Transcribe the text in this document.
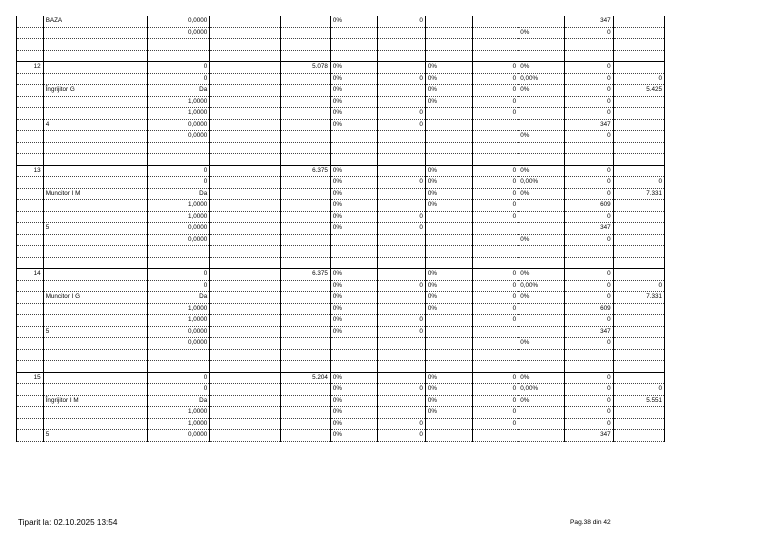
	BAZA	0,0000			0%	0				347	
		0,0000							0%	0	

12		0		5.078	0%		0%	0	0%	0	
		0			0%	0	0%	0	0,00%	0	0
	Îngrijitor G	Da			0%		0%	0	0%	0	5.425
		1,0000			0%		0%	0		0	
		1,0000			0%	0		0		0	
	4	0,0000			0%	0				347	
		0,0000							0%	0	

13		0		6.375	0%		0%	0	0%	0	
		0			0%	0	0%	0	0,00%	0	0
	Muncitor I M	Da			0%		0%	0	0%	0	7.331
		1,0000			0%		0%	0		609	
		1,0000			0%	0		0		0	
	5	0,0000			0%	0				347	
		0,0000							0%	0	

14		0		6.375	0%		0%	0	0%	0	
		0			0%	0	0%	0	0,00%	0	0
	Muncitor I G	Da			0%		0%	0	0%	0	7.331
		1,0000			0%		0%	0		609	
		1,0000			0%	0		0		0	
	5	0,0000			0%	0				347	
		0,0000							0%	0	

15		0		5.204	0%		0%	0	0%	0	
		0			0%	0	0%	0	0,00%	0	0
	Îngrijitor I M	Da			0%		0%	0	0%	0	5.551
		1,0000			0%		0%	0		0	
		1,0000			0%	0		0		0	
	5	0,0000			0%	0				347	
Tiparit la: 02.10.2025 13:54	Pag.38 din 42
